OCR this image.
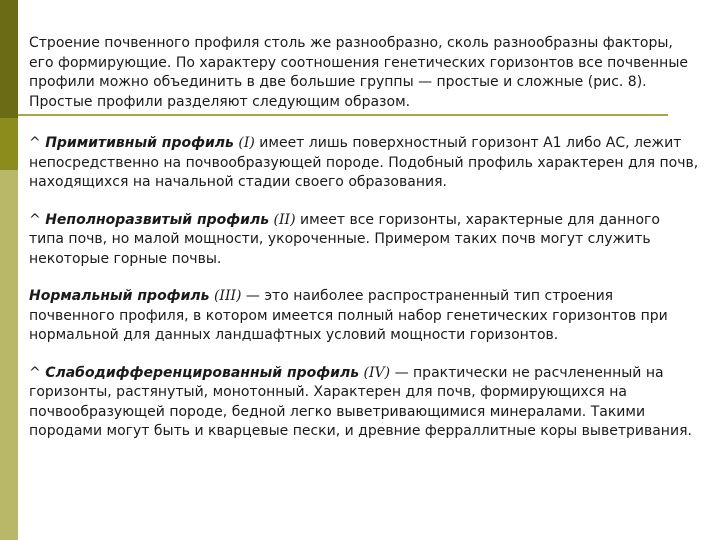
Строение почвенного профиля столь же разнообразно, сколь разнообразны факторы, его формирующие. По характеру соотношения генетических горизонтов все почвенные профили можно объединить в две большие группы — простые и сложные (рис. 8). Простые профили разделяют следующим образом.

^ Примитивный профиль (I) имеет лишь поверхностный горизонт А1 либо АС, лежит непосредственно на почвообразующей породе. Подобный профиль характерен для почв, находящихся на начальной стадии своего образования.

^ Неполноразвитый профиль (II) имеет все горизонты, характерные для данного типа почв, но малой мощности, укороченные. Примером таких почв могут служить некоторые горные почвы.

Нормальный профиль (III) — это наиболее распространенный тип строения почвенного профиля, в котором имеется полный набор генетических горизонтов при нормальной для данных ландшафтных условий мощности горизонтов.

^ Слабодифференцированный профиль (IV) — практически не расчлененный на горизонты, растянутый, монотонный. Характерен для почв, формирующихся на почвообразующей породе, бедной легко выветривающимися минералами. Такими породами могут быть и кварцевые пески, и древние ферраллитные коры выветривания.
